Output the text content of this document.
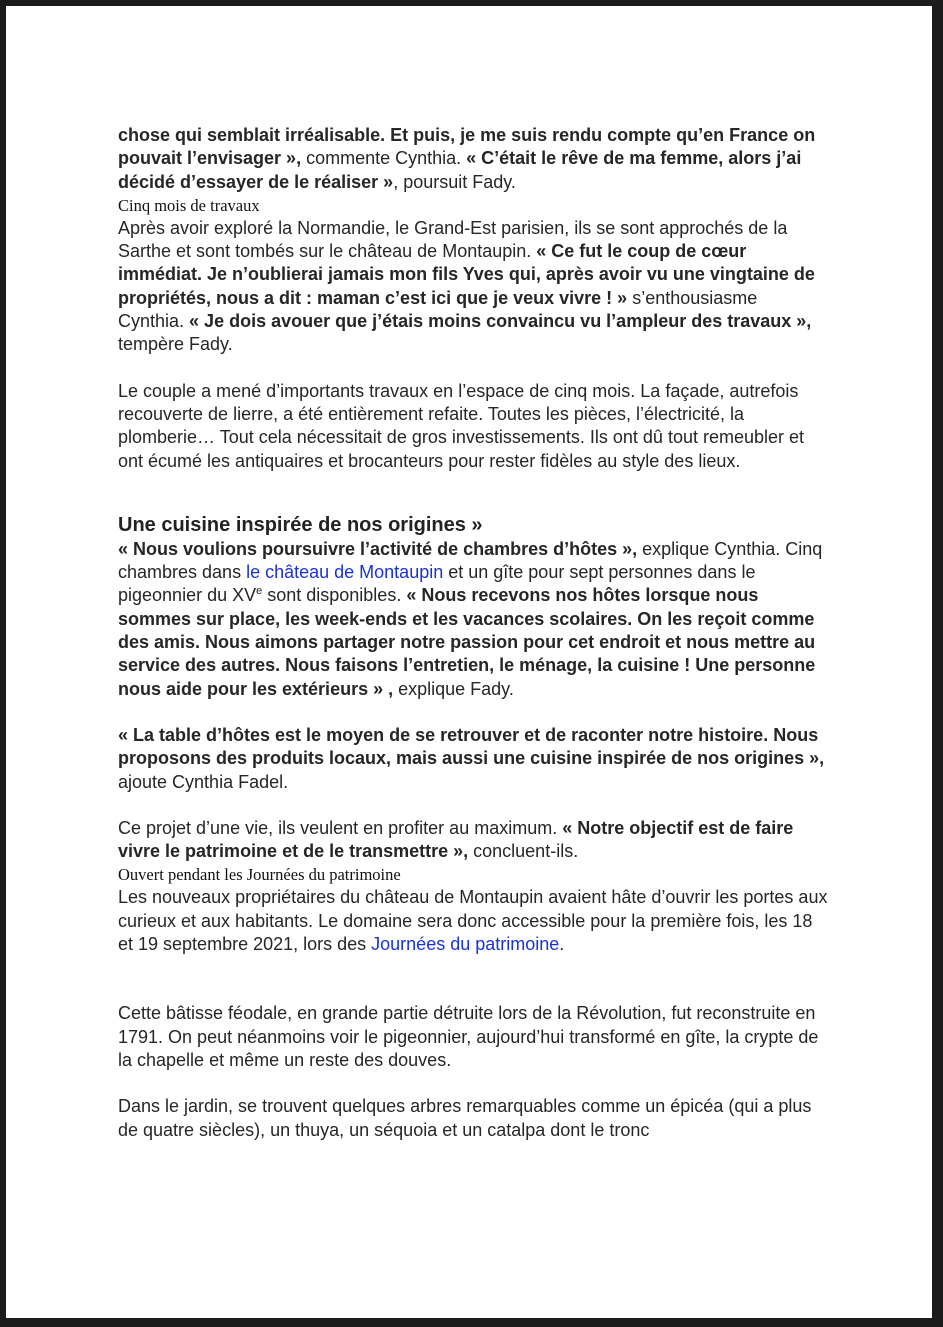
chose qui semblait irréalisable. Et puis, je me suis rendu compte qu’en France on pouvait l’envisager », commente Cynthia. « C’était le rêve de ma femme, alors j’ai décidé d’essayer de le réaliser », poursuit Fady.

Cinq mois de travaux

Après avoir exploré la Normandie, le Grand-Est parisien, ils se sont approchés de la Sarthe et sont tombés sur le château de Montaupin. « Ce fut le coup de cœur immédiat. Je n’oublierai jamais mon fils Yves qui, après avoir vu une vingtaine de propriétés, nous a dit : maman c’est ici que je veux vivre ! » s’enthousiasme Cynthia. « Je dois avouer que j’étais moins convaincu vu l’ampleur des travaux », tempère Fady.

Le couple a mené d’importants travaux en l’espace de cinq mois. La façade, autrefois recouverte de lierre, a été entièrement refaite. Toutes les pièces, l’électricité, la plomberie… Tout cela nécessitait de gros investissements. Ils ont dû tout remeubler et ont écumé les antiquaires et brocanteurs pour rester fidèles au style des lieux.

Une cuisine inspirée de nos origines »

« Nous voulions poursuivre l’activité de chambres d’hôtes », explique Cynthia. Cinq chambres dans le château de Montaupin et un gîte pour sept personnes dans le pigeonnier du XVe sont disponibles. « Nous recevons nos hôtes lorsque nous sommes sur place, les week-ends et les vacances scolaires. On les reçoit comme des amis. Nous aimons partager notre passion pour cet endroit et nous mettre au service des autres. Nous faisons l’entretien, le ménage, la cuisine ! Une personne nous aide pour les extérieurs » , explique Fady.

« La table d’hôtes est le moyen de se retrouver et de raconter notre histoire. Nous proposons des produits locaux, mais aussi une cuisine inspirée de nos origines », ajoute Cynthia Fadel.

Ce projet d’une vie, ils veulent en profiter au maximum. « Notre objectif est de faire vivre le patrimoine et de le transmettre », concluent-ils.

Ouvert pendant les Journées du patrimoine

Les nouveaux propriétaires du château de Montaupin avaient hâte d’ouvrir les portes aux curieux et aux habitants. Le domaine sera donc accessible pour la première fois, les 18 et 19 septembre 2021, lors des Journées du patrimoine.

Cette bâtisse féodale, en grande partie détruite lors de la Révolution, fut reconstruite en 1791. On peut néanmoins voir le pigeonnier, aujourd’hui transformé en gîte, la crypte de la chapelle et même un reste des douves.

Dans le jardin, se trouvent quelques arbres remarquables comme un épicéa (qui a plus de quatre siècles), un thuya, un séquoia et un catalpa dont le tronc
